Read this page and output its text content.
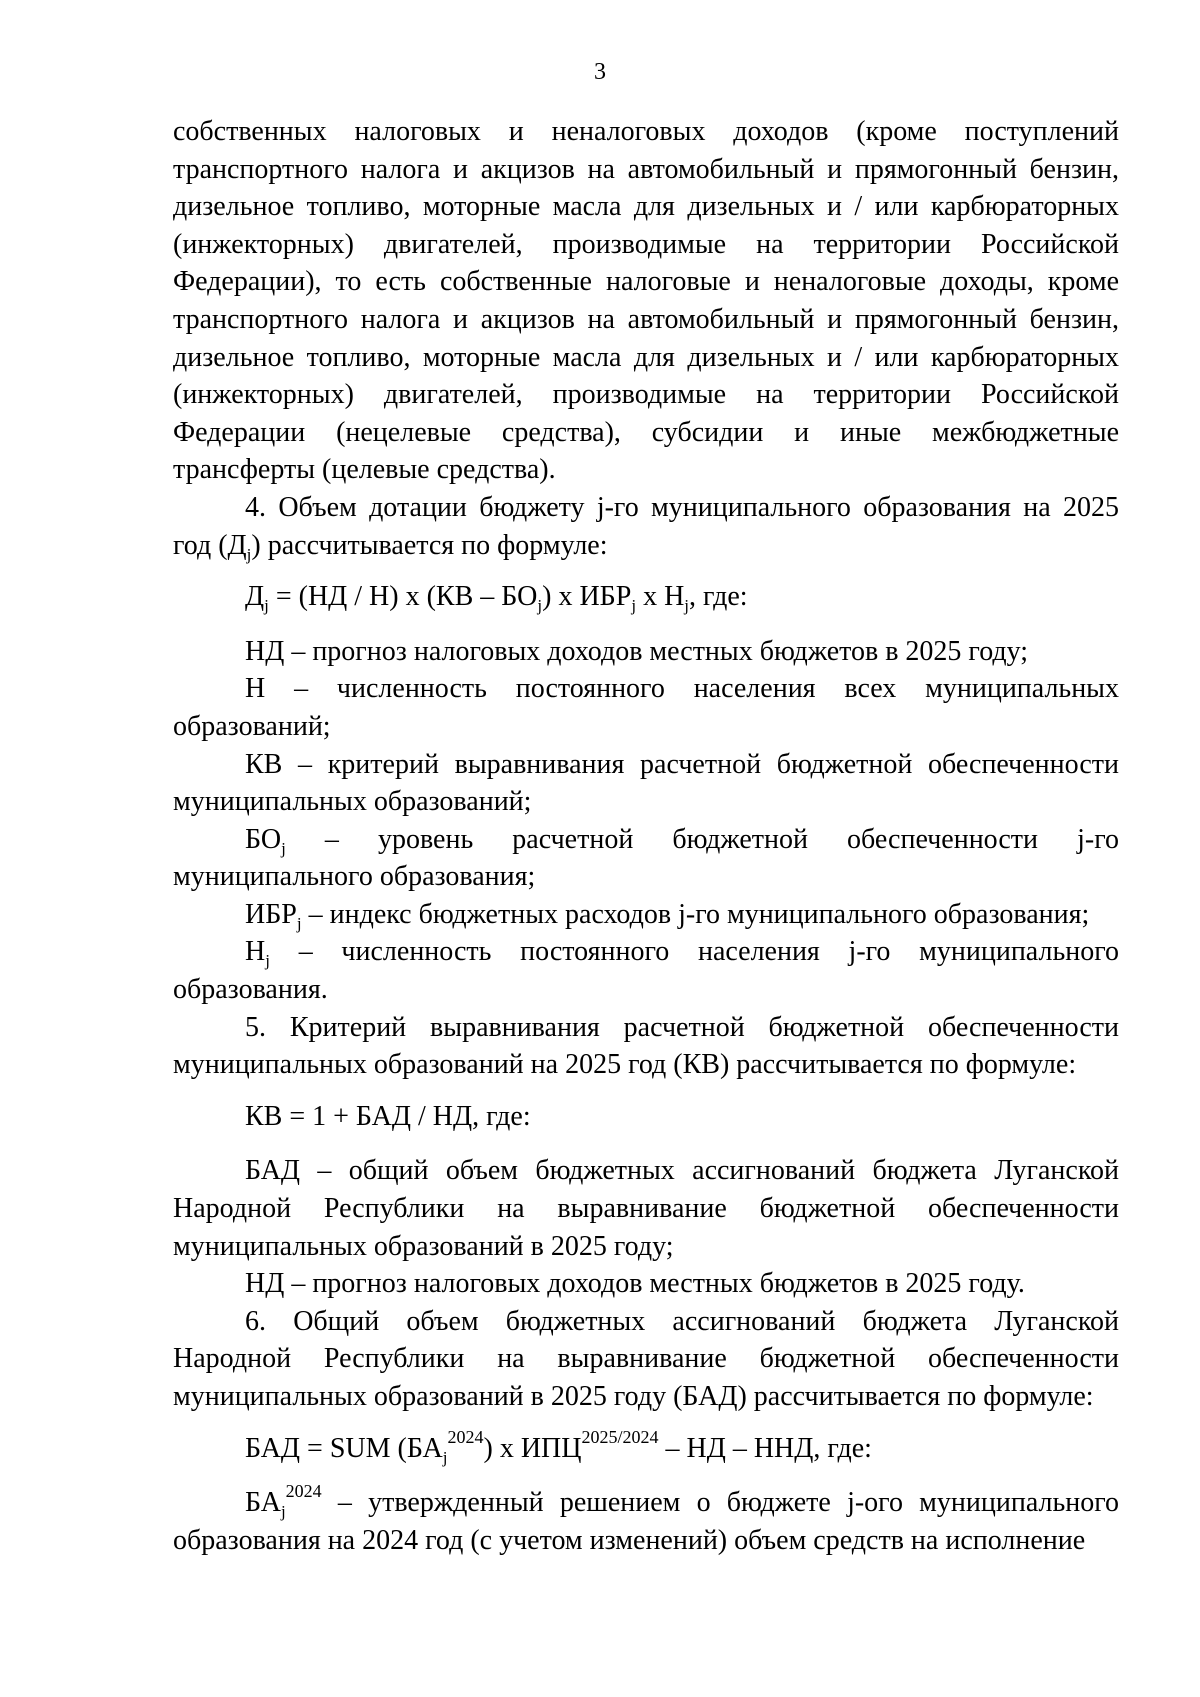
3

собственных налоговых и неналоговых доходов (кроме поступлений транспортного налога и акцизов на автомобильный и прямогонный бензин, дизельное топливо, моторные масла для дизельных и / или карбюраторных (инжекторных) двигателей, производимые на территории Российской Федерации), то есть собственные налоговые и неналоговые доходы, кроме транспортного налога и акцизов на автомобильный и прямогонный бензин, дизельное топливо, моторные масла для дизельных и / или карбюраторных (инжекторных) двигателей, производимые на территории Российской Федерации (нецелевые средства), субсидии и иные межбюджетные трансферты (целевые средства).

4. Объем дотации бюджету j-го муниципального образования на 2025 год $(Д_j)$ рассчитывается по формуле:

$Д_j = (НД / Н)$ х $(КВ - БО_j)$ х $ИБР_j$ х $Н_j$, где:

НД – прогноз налоговых доходов местных бюджетов в 2025 году;

Н – численность постоянного населения всех муниципальных образований;

КВ – критерий выравнивания расчетной бюджетной обеспеченности муниципальных образований;

$БО_j$ – уровень расчетной бюджетной обеспеченности j-го муниципального образования;

$ИБР_j$ – индекс бюджетных расходов j-го муниципального образования;

$Н_j$ – численность постоянного населения j-го муниципального образования.

5. Критерий выравнивания расчетной бюджетной обеспеченности муниципальных образований на 2025 год (КВ) рассчитывается по формуле:

КВ = 1 + БАД / НД, где:

БАД – общий объем бюджетных ассигнований бюджета Луганской Народной Республики на выравнивание бюджетной обеспеченности муниципальных образований в 2025 году;

НД – прогноз налоговых доходов местных бюджетов в 2025 году.

6. Общий объем бюджетных ассигнований бюджета Луганской Народной Республики на выравнивание бюджетной обеспеченности муниципальных образований в 2025 году (БАД) рассчитывается по формуле:

БАД = SUM $(БА_j^{2024})$ х $ИПЦ^{2025/2024}$ – НД – ННД, где:

$БА_j^{2024}$ – утвержденный решением о бюджете j-ого муниципального образования на 2024 год (с учетом изменений) объем средств на исполнение
